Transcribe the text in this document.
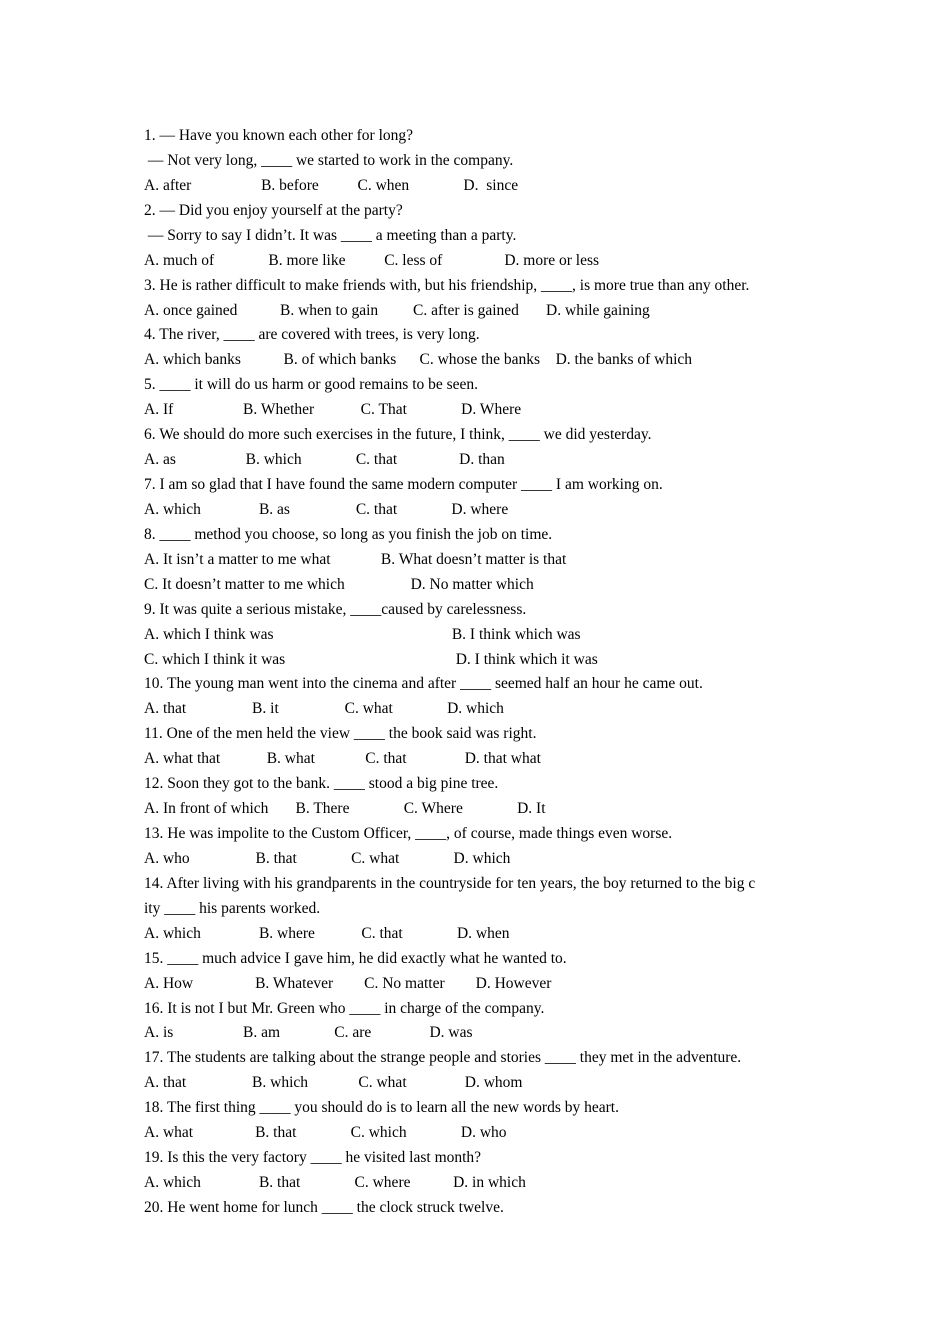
1. — Have you known each other for long?
— Not very long, ____ we started to work in the company.
A. after                  B. before          C. when              D.  since
2. — Did you enjoy yourself at the party?
— Sorry to say I didn’t. It was ____ a meeting than a party.
A. much of              B. more like          C. less of                D. more or less
3. He is rather difficult to make friends with, but his friendship, ____, is more true than any other.
A. once gained           B. when to gain         C. after is gained       D. while gaining
4. The river, ____ are covered with trees, is very long.
A. which banks           B. of which banks      C. whose the banks    D. the banks of which
5. ____ it will do us harm or good remains to be seen.
A. If                  B. Whether            C. That              D. Where
6. We should do more such exercises in the future, I think, ____ we did yesterday.
A. as                  B. which              C. that                D. than
7. I am so glad that I have found the same modern computer ____ I am working on.
A. which               B. as                 C. that              D. where
8. ____ method you choose, so long as you finish the job on time.
A. It isn’t a matter to me what             B. What doesn’t matter is that
C. It doesn’t matter to me which                 D. No matter which
9. It was quite a serious mistake, ____caused by carelessness.
A. which I think was                                              B. I think which was
C. which I think it was                                            D. I think which it was
10. The young man went into the cinema and after ____ seemed half an hour he came out.
A. that                 B. it                 C. what              D. which
11. One of the men held the view ____ the book said was right.
A. what that            B. what             C. that               D. that what
12. Soon they got to the bank. ____ stood a big pine tree.
A. In front of which       B. There              C. Where              D. It
13. He was impolite to the Custom Officer, ____, of course, made things even worse.
A. who                 B. that              C. what              D. which
14. After living with his grandparents in the countryside for ten years, the boy returned to the big c
ity ____ his parents worked.
A. which               B. where            C. that              D. when
15. ____ much advice I gave him, he did exactly what he wanted to.
A. How                B. Whatever        C. No matter        D. However
16. It is not I but Mr. Green who ____ in charge of the company.
A. is                  B. am              C. are               D. was
17. The students are talking about the strange people and stories ____ they met in the adventure.
A. that                 B. which             C. what               D. whom
18. The first thing ____ you should do is to learn all the new words by heart.
A. what                B. that              C. which              D. who
19. Is this the very factory ____ he visited last month?
A. which               B. that              C. where           D. in which
20. He went home for lunch ____ the clock struck twelve.
